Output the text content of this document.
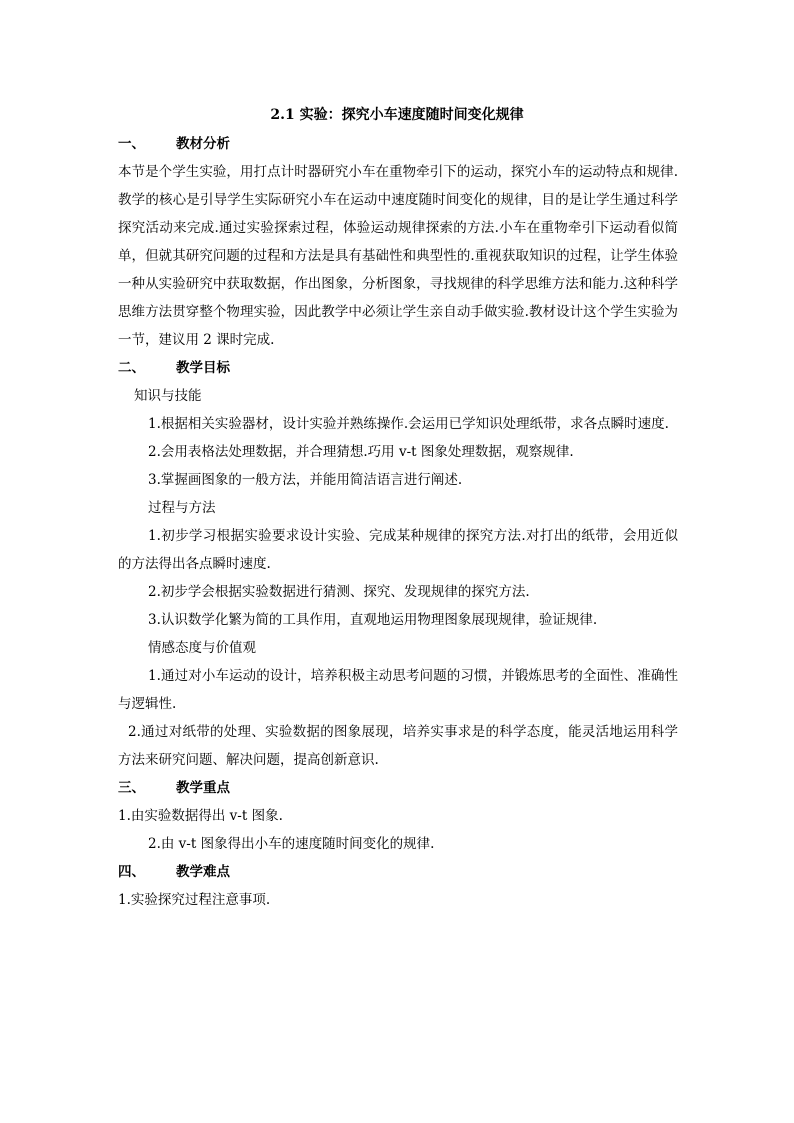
2.1 实验：探究小车速度随时间变化规律
一、	教材分析

本节是个学生实验，用打点计时器研究小车在重物牵引下的运动，探究小车的运动特点和规律.教学的核心是引导学生实际研究小车在运动中速度随时间变化的规律，目的是让学生通过科学探究活动来完成.通过实验探索过程，体验运动规律探索的方法.小车在重物牵引下运动看似简单，但就其研究问题的过程和方法是具有基础性和典型性的.重视获取知识的过程，让学生体验一种从实验研究中获取数据，作出图象，分析图象，寻找规律的科学思维方法和能力.这种科学思维方法贯穿整个物理实验，因此教学中必须让学生亲自动手做实验.教材设计这个学生实验为一节，建议用 2 课时完成.

二、	教学目标

知识与技能

1.根据相关实验器材，设计实验并熟练操作.会运用已学知识处理纸带，求各点瞬时速度.

2.会用表格法处理数据，并合理猜想.巧用 v-t 图象处理数据，观察规律.

3.掌握画图象的一般方法，并能用简洁语言进行阐述.

过程与方法

1.初步学习根据实验要求设计实验、完成某种规律的探究方法.对打出的纸带，会用近似的方法得出各点瞬时速度.

2.初步学会根据实验数据进行猜测、探究、发现规律的探究方法.

3.认识数学化繁为简的工具作用，直观地运用物理图象展现规律，验证规律.

情感态度与价值观

1.通过对小车运动的设计，培养积极主动思考问题的习惯，并锻炼思考的全面性、准确性与逻辑性.

2.通过对纸带的处理、实验数据的图象展现，培养实事求是的科学态度，能灵活地运用科学方法来研究问题、解决问题，提高创新意识.

三、	教学重点

1.由实验数据得出 v-t 图象.

2.由 v-t 图象得出小车的速度随时间变化的规律.

四、	教学难点

1.实验探究过程注意事项.
